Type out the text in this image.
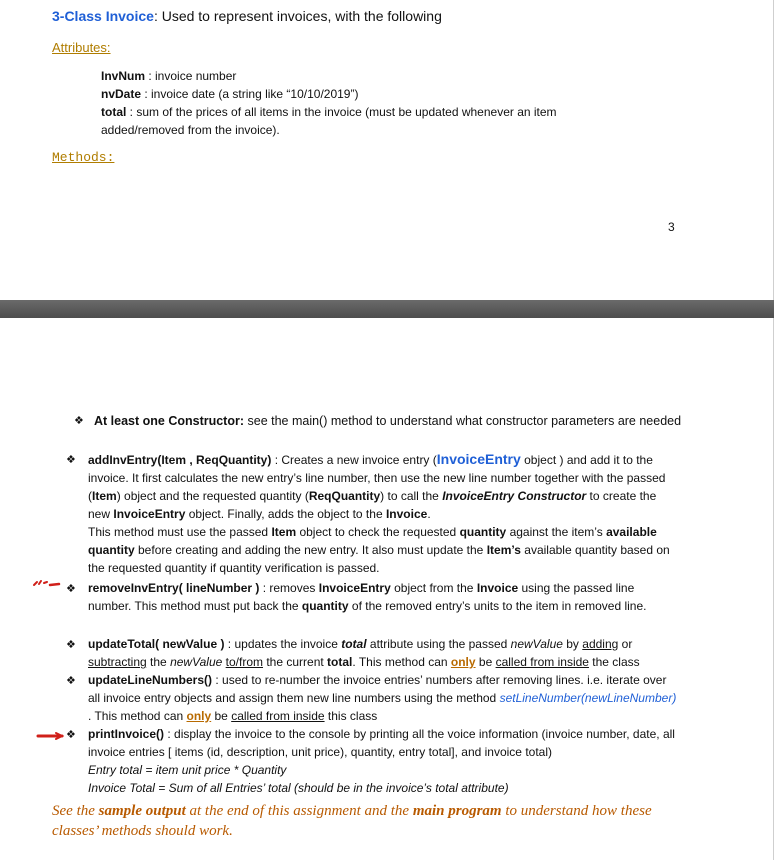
3-Class Invoice: Used to represent invoices, with the following
Attributes:
InvNum : invoice number
nvDate : invoice date (a string like “10/10/2019”)
total : sum of the prices of all items in the invoice (must be updated whenever an item added/removed from the invoice).
Methods:
3
❖ At least one Constructor: see the main() method to understand what constructor parameters are needed
❖ addInvEntry(Item , ReqQuantity) : Creates a new invoice entry (InvoiceEntry object ) and add it to the invoice. It first calculates the new entry’s line number, then use the new line number together with the passed (Item) object and the requested quantity (ReqQuantity) to call the InvoiceEntry Constructor to create the new InvoiceEntry object. Finally, adds the object to the Invoice.
This method must use the passed Item object to check the requested quantity against the item’s available quantity before creating and adding the new entry. It also must update the Item’s available quantity based on the requested quantity if quantity verification is passed.
❖ removeInvEntry( lineNumber ) : removes InvoiceEntry object from the Invoice using the passed line number. This method must put back the quantity of the removed entry’s units to the item in removed line.
❖ updateTotal( newValue ) : updates the invoice total attribute using the passed newValue by adding or subtracting the newValue to/from the current total. This method can only be called from inside the class
❖ updateLineNumbers() : used to re-number the invoice entries’ numbers after removing lines. i.e. iterate over all invoice entry objects and assign them new line numbers using the method setLineNumber(newLineNumber) . This method can only be called from inside this class
❖ printInvoice() : display the invoice to the console by printing all the voice information (invoice number, date, all invoice entries [ items (id, description, unit price), quantity, entry total], and invoice total)
Entry total = item unit price * Quantity
Invoice Total = Sum of all Entries’ total (should be in the invoice’s total attribute)
See the sample output at the end of this assignment and the main program to understand how these classes’ methods should work.
